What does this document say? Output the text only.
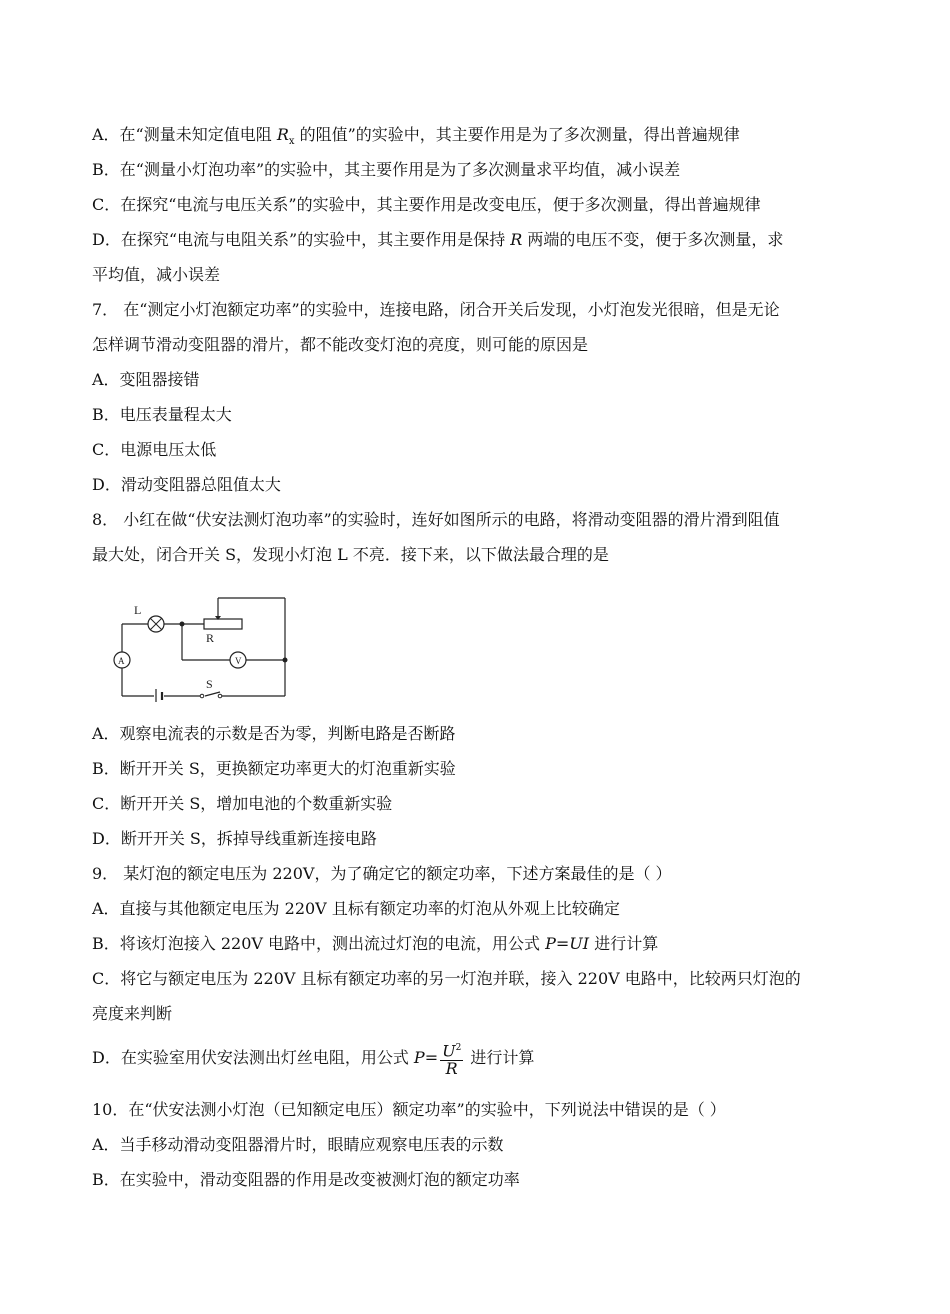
A．在“测量未知定值电阻 $R_x$ 的阻值”的实验中，其主要作用是为了多次测量，得出普遍规律
B．在“测量小灯泡功率”的实验中，其主要作用是为了多次测量求平均值，减小误差
C．在探究“电流与电压关系”的实验中，其主要作用是改变电压，便于多次测量，得出普遍规律
D．在探究“电流与电阻关系”的实验中，其主要作用是保持 R 两端的电压不变，便于多次测量，求
平均值，减小误差
7． 在“测定小灯泡额定功率”的实验中，连接电路，闭合开关后发现，小灯泡发光很暗，但是无论
怎样调节滑动变阻器的滑片，都不能改变灯泡的亮度，则可能的原因是
A．变阻器接错
B．电压表量程太大
C．电源电压太低
D．滑动变阻器总阻值太大
8． 小红在做“伏安法测灯泡功率”的实验时，连好如图所示的电路，将滑动变阻器的滑片滑到阻值
最大处，闭合开关 S，发现小灯泡 L 不亮．接下来，以下做法最合理的是
L
R
A	V
S
A．观察电流表的示数是否为零，判断电路是否断路
B．断开开关 S，更换额定功率更大的灯泡重新实验
C．断开开关 S，增加电池的个数重新实验
D．断开开关 S，拆掉导线重新连接电路
9． 某灯泡的额定电压为 220V，为了确定它的额定功率，下述方案最佳的是（ ）
A．直接与其他额定电压为 220V 且标有额定功率的灯泡从外观上比较确定
B．将该灯泡接入 220V 电路中，测出流过灯泡的电流，用公式 P=UI 进行计算
C．将它与额定电压为 220V 且标有额定功率的另一灯泡并联，接入 220V 电路中，比较两只灯泡的
亮度来判断
D．在实验室用伏安法测出灯丝电阻，用公式 $P= \frac{U^2}{R}$ 进行计算
10．在“伏安法测小灯泡（已知额定电压）额定功率”的实验中，下列说法中错误的是（ ）
A．当手移动滑动变阻器滑片时，眼睛应观察电压表的示数
B．在实验中，滑动变阻器的作用是改变被测灯泡的额定功率
